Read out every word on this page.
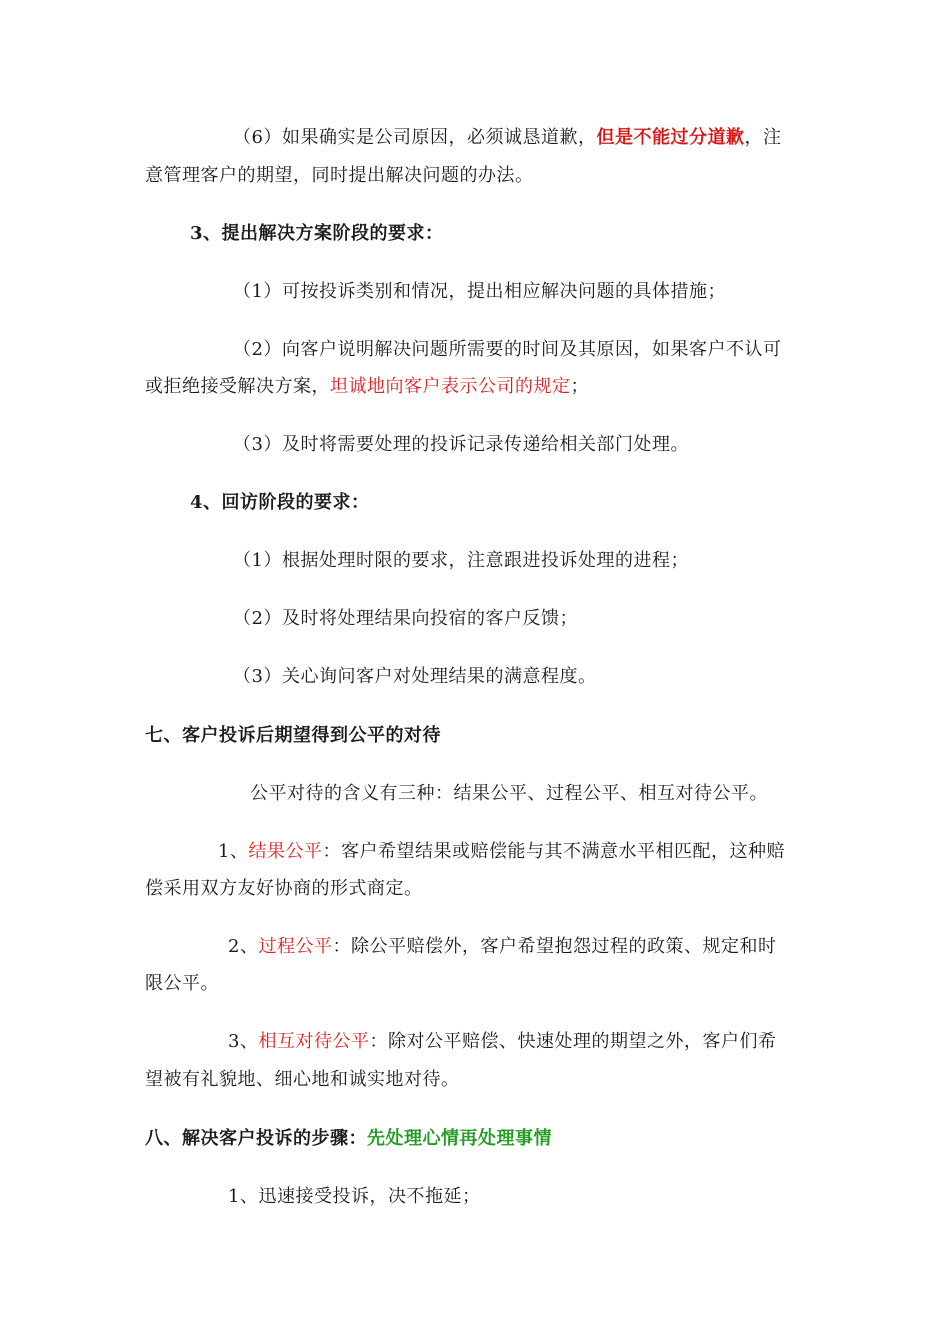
（6）如果确实是公司原因，必须诚恳道歉，但是不能过分道歉，注
意管理客户的期望，同时提出解决问题的办法。
3、提出解决方案阶段的要求：
（1）可按投诉类别和情况，提出相应解决问题的具体措施；
（2）向客户说明解决问题所需要的时间及其原因，如果客户不认可
或拒绝接受解决方案，坦诚地向客户表示公司的规定；
（3）及时将需要处理的投诉记录传递给相关部门处理。
4、回访阶段的要求：
（1）根据处理时限的要求，注意跟进投诉处理的进程；
（2）及时将处理结果向投宿的客户反馈；
（3）关心询问客户对处理结果的满意程度。
七、客户投诉后期望得到公平的对待
公平对待的含义有三种：结果公平、过程公平、相互对待公平。
1、结果公平：客户希望结果或赔偿能与其不满意水平相匹配，这种赔
偿采用双方友好协商的形式商定。
2、过程公平：除公平赔偿外，客户希望抱怨过程的政策、规定和时
限公平。
3、相互对待公平：除对公平赔偿、快速处理的期望之外，客户们希
望被有礼貌地、细心地和诚实地对待。
八、解决客户投诉的步骤：先处理心情再处理事情
1、迅速接受投诉，决不拖延；
